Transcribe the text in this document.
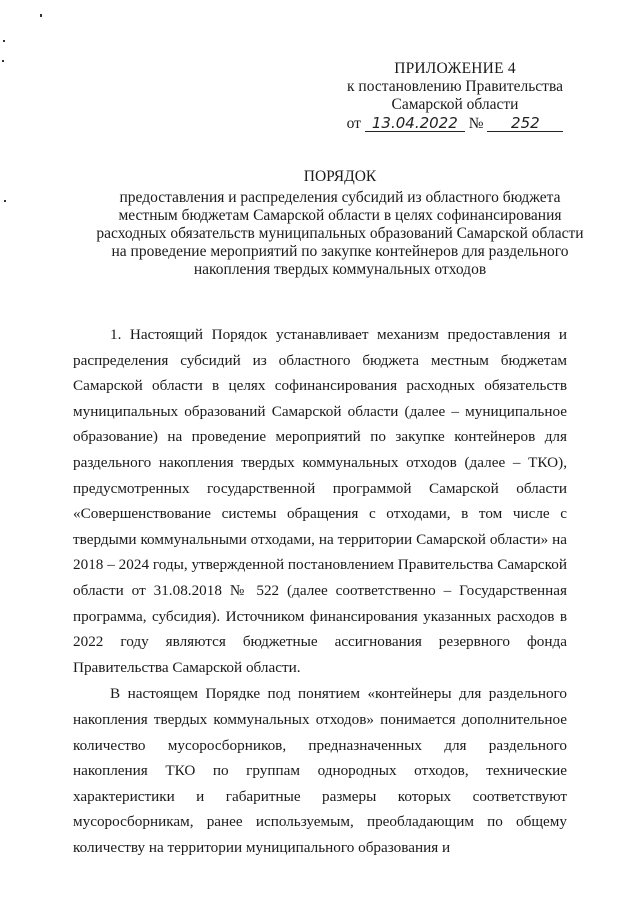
ПРИЛОЖЕНИЕ 4
к постановлению Правительства
Самарской области
от 13.04.2022 № 252
ПОРЯДОК
предоставления и распределения субсидий из областного бюджета
местным бюджетам Самарской области в целях софинансирования
расходных обязательств муниципальных образований Самарской области
на проведение мероприятий по закупке контейнеров для раздельного
накопления твердых коммунальных отходов

1. Настоящий Порядок устанавливает механизм предоставления и распределения субсидий из областного бюджета местным бюджетам Самарской области в целях софинансирования расходных обязательств муниципальных образований Самарской области (далее – муниципальное образование) на проведение мероприятий по закупке контейнеров для раздельного накопления твердых коммунальных отходов (далее – ТКО), предусмотренных государственной программой Самарской области «Совершенствование системы обращения с отходами, в том числе с твердыми коммунальными отходами, на территории Самарской области» на 2018 – 2024 годы, утвержденной постановлением Правительства Самарской области от 31.08.2018 № 522 (далее соответственно – Государственная программа, субсидия). Источником финансирования указанных расходов в 2022 году являются бюджетные ассигнования резервного фонда Правительства Самарской области.

В настоящем Порядке под понятием «контейнеры для раздельного накопления твердых коммунальных отходов» понимается дополнительное количество мусоросборников, предназначенных для раздельного накопления ТКО по группам однородных отходов, технические характеристики и габаритные размеры которых соответствуют мусоросборникам, ранее используемым, преобладающим по общему количеству на территории муниципального образования и
